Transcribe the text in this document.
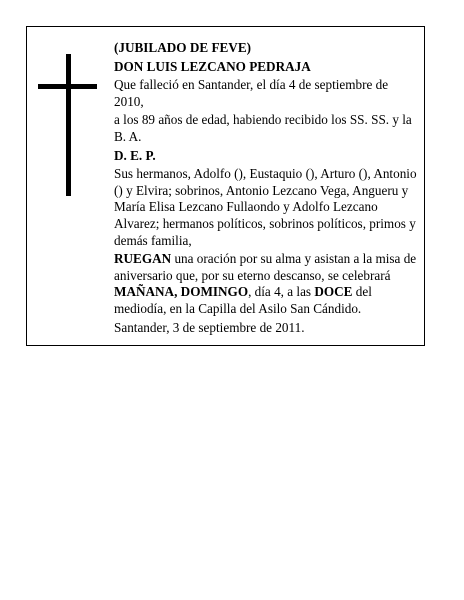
(JUBILADO DE FEVE)

DON LUIS LEZCANO PEDRAJA

Que falleció en Santander, el día 4 de septiembre de 2010,

a los 89 años de edad, habiendo recibido los SS. SS. y la B. A.

D. E. P.

Sus hermanos, Adolfo (), Eustaquio (), Arturo (), Antonio () y Elvira; sobrinos, Antonio Lezcano Vega, Angueru y María Elisa Lezcano Fullaondo y Adolfo Lezcano Alvarez; hermanos políticos, sobrinos políticos, primos y demás familia,

RUEGAN una oración por su alma y asistan a la misa de aniversario que, por su eterno descanso, se celebrará MAÑANA, DOMINGO, día 4, a las DOCE del mediodía, en la Capilla del Asilo San Cándido.

Santander, 3 de septiembre de 2011.
